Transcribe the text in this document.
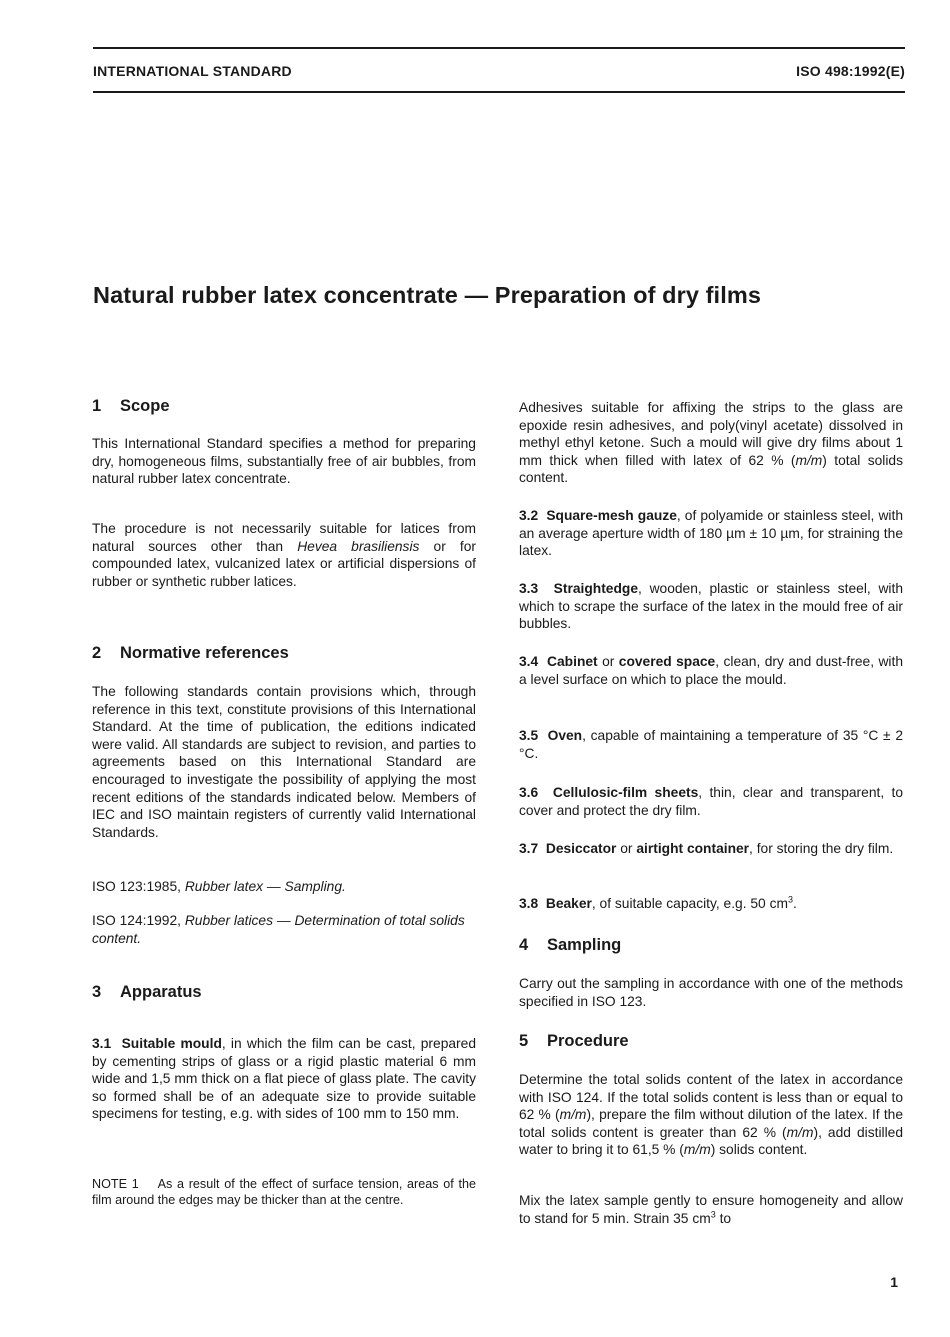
INTERNATIONAL STANDARD	ISO 498:1992(E)
Natural rubber latex concentrate — Preparation of dry films
1 Scope
This International Standard specifies a method for preparing dry, homogeneous films, substantially free of air bubbles, from natural rubber latex concentrate.
The procedure is not necessarily suitable for latices from natural sources other than Hevea brasiliensis or for compounded latex, vulcanized latex or artificial dispersions of rubber or synthetic rubber latices.
2 Normative references
The following standards contain provisions which, through reference in this text, constitute provisions of this International Standard. At the time of publication, the editions indicated were valid. All standards are subject to revision, and parties to agreements based on this International Standard are encouraged to investigate the possibility of applying the most recent editions of the standards indicated below. Members of IEC and ISO maintain registers of currently valid International Standards.
ISO 123:1985, Rubber latex — Sampling.
ISO 124:1992, Rubber latices — Determination of total solids content.
3 Apparatus
3.1 Suitable mould, in which the film can be cast, prepared by cementing strips of glass or a rigid plastic material 6 mm wide and 1,5 mm thick on a flat piece of glass plate. The cavity so formed shall be of an adequate size to provide suitable specimens for testing, e.g. with sides of 100 mm to 150 mm.
NOTE 1 As a result of the effect of surface tension, areas of the film around the edges may be thicker than at the centre.
Adhesives suitable for affixing the strips to the glass are epoxide resin adhesives, and poly(vinyl acetate) dissolved in methyl ethyl ketone. Such a mould will give dry films about 1 mm thick when filled with latex of 62 % (m/m) total solids content.
3.2 Square-mesh gauze, of polyamide or stainless steel, with an average aperture width of 180 µm ± 10 µm, for straining the latex.
3.3 Straightedge, wooden, plastic or stainless steel, with which to scrape the surface of the latex in the mould free of air bubbles.
3.4 Cabinet or covered space, clean, dry and dust-free, with a level surface on which to place the mould.
3.5 Oven, capable of maintaining a temperature of 35 °C ± 2 °C.
3.6 Cellulosic-film sheets, thin, clear and transparent, to cover and protect the dry film.
3.7 Desiccator or airtight container, for storing the dry film.
3.8 Beaker, of suitable capacity, e.g. 50 $cm^3$.
4 Sampling
Carry out the sampling in accordance with one of the methods specified in ISO 123.
5 Procedure
Determine the total solids content of the latex in accordance with ISO 124. If the total solids content is less than or equal to 62 % (m/m), prepare the film without dilution of the latex. If the total solids content is greater than 62 % (m/m), add distilled water to bring it to 61,5 % (m/m) solids content.
Mix the latex sample gently to ensure homogeneity and allow to stand for 5 min. Strain 35 $cm^3$ to
1
